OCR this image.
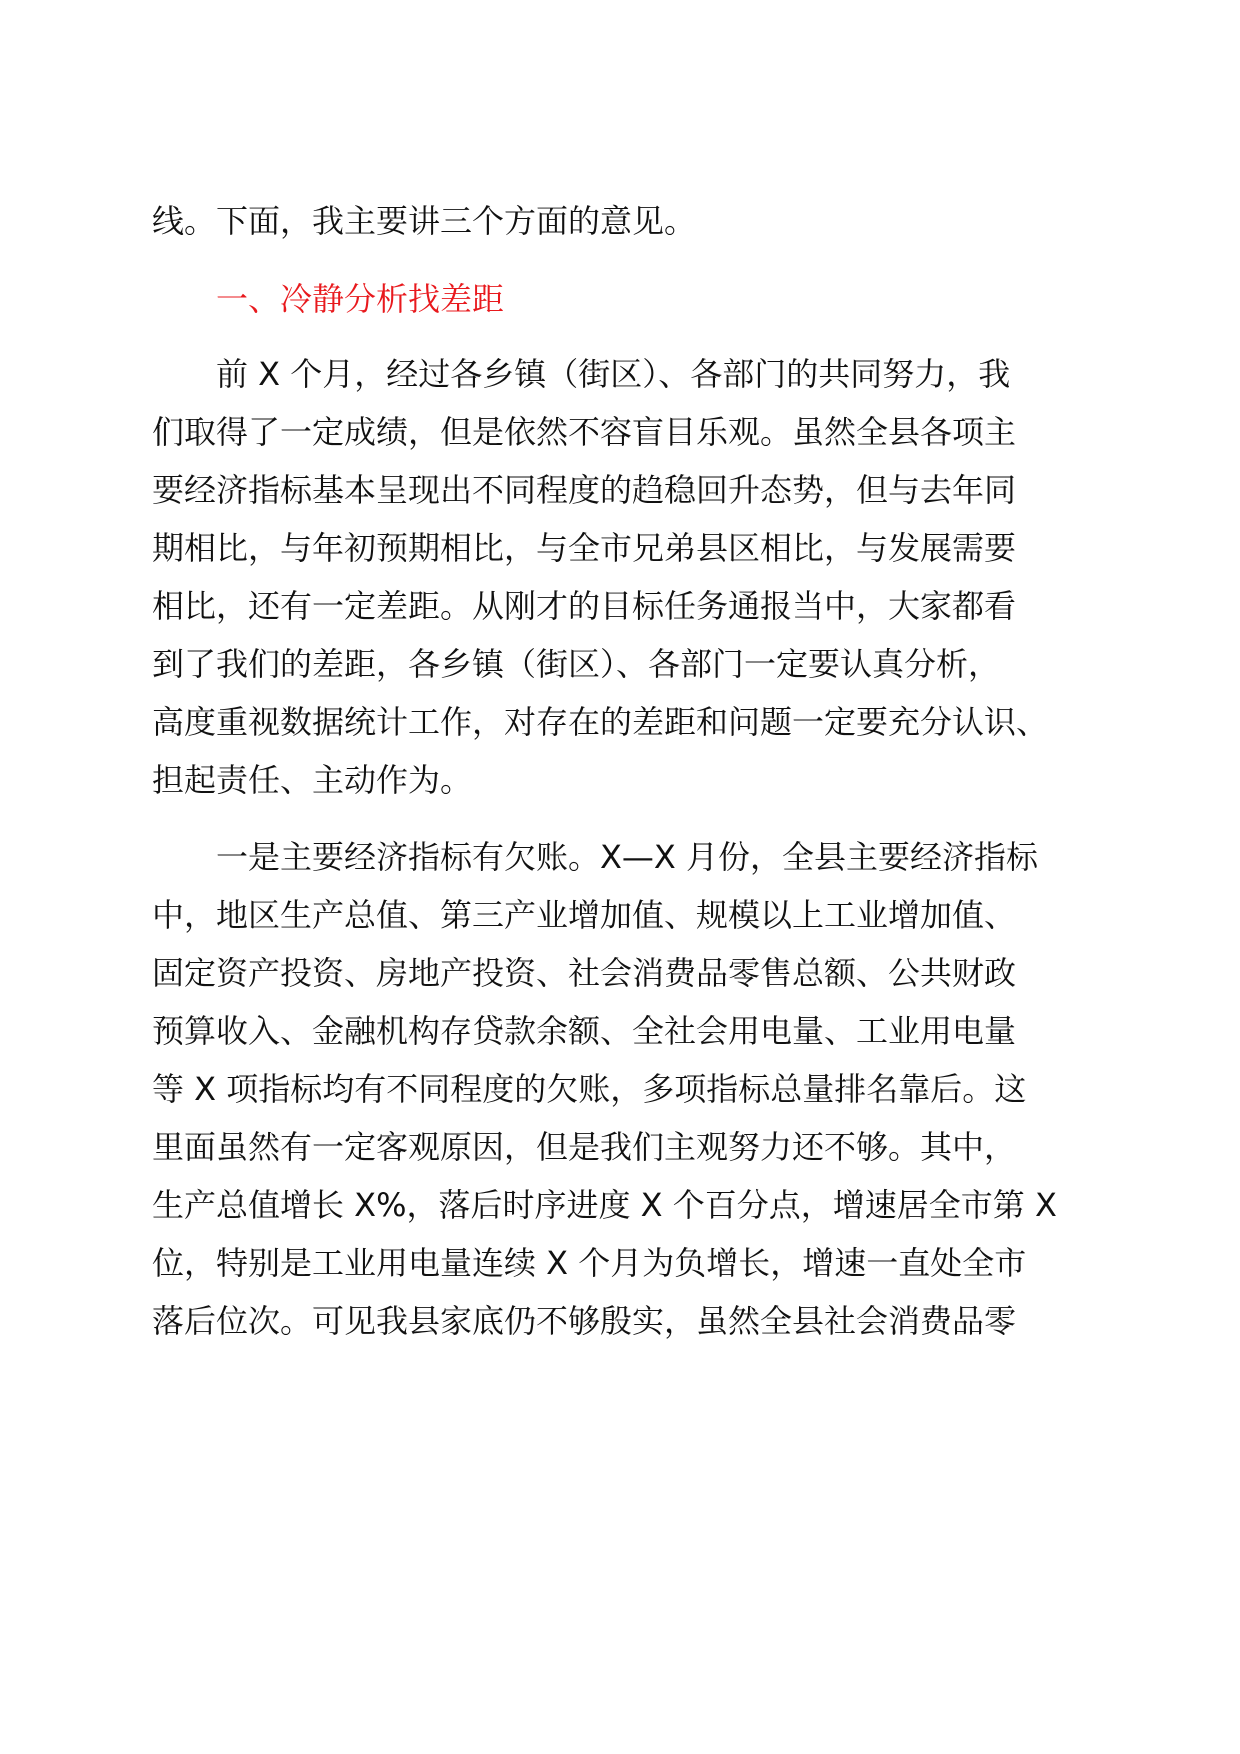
线。下面，我主要讲三个方面的意见。

　　一、冷静分析找差距

　　前 X 个月，经过各乡镇（街区）、各部门的共同努力，我

们取得了一定成绩，但是依然不容盲目乐观。虽然全县各项主

要经济指标基本呈现出不同程度的趋稳回升态势，但与去年同

期相比，与年初预期相比，与全市兄弟县区相比，与发展需要

相比，还有一定差距。从刚才的目标任务通报当中，大家都看

到了我们的差距，各乡镇（街区）、各部门一定要认真分析，

高度重视数据统计工作，对存在的差距和问题一定要充分认识、

担起责任、主动作为。

　　一是主要经济指标有欠账。X—X 月份，全县主要经济指标

中，地区生产总值、第三产业增加值、规模以上工业增加值、

固定资产投资、房地产投资、社会消费品零售总额、公共财政

预算收入、金融机构存贷款余额、全社会用电量、工业用电量

等 X 项指标均有不同程度的欠账，多项指标总量排名靠后。这

里面虽然有一定客观原因，但是我们主观努力还不够。其中，

生产总值增长 X%，落后时序进度 X 个百分点，增速居全市第 X

位，特别是工业用电量连续 X 个月为负增长，增速一直处全市

落后位次。可见我县家底仍不够殷实，虽然全县社会消费品零
